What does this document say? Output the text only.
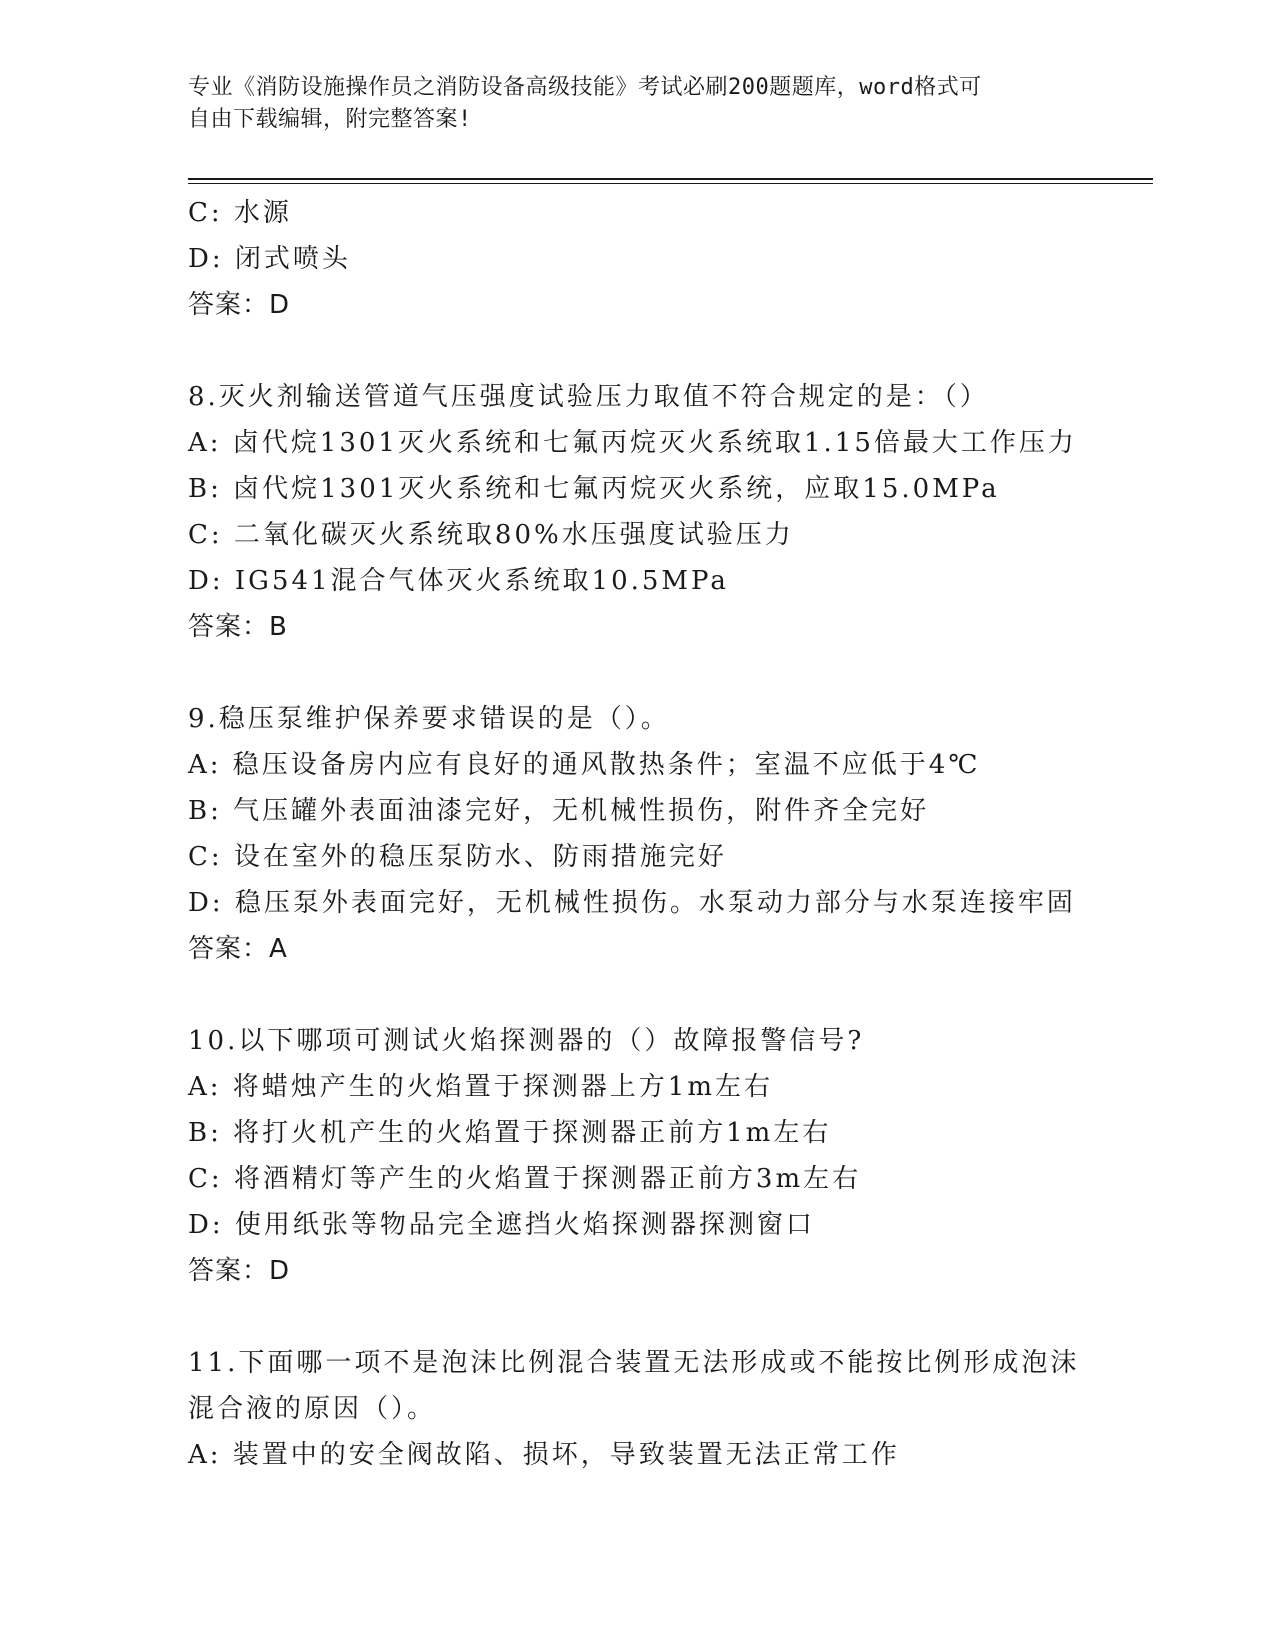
专业《消防设施操作员之消防设备高级技能》考试必刷200题题库，word格式可
自由下载编辑，附完整答案!
C: 水源
D: 闭式喷头
答案：D
8.灭火剂输送管道气压强度试验压力取值不符合规定的是：（）
A: 卤代烷1301灭火系统和七氟丙烷灭火系统取1.15倍最大工作压力
B: 卤代烷1301灭火系统和七氟丙烷灭火系统，应取15.0MPa
C: 二氧化碳灭火系统取80%水压强度试验压力
D: IG541混合气体灭火系统取10.5MPa
答案：B
9.稳压泵维护保养要求错误的是（）。
A: 稳压设备房内应有良好的通风散热条件；室温不应低于4℃
B: 气压罐外表面油漆完好，无机械性损伤，附件齐全完好
C: 设在室外的稳压泵防水、防雨措施完好
D: 稳压泵外表面完好，无机械性损伤。水泵动力部分与水泵连接牢固
答案：A
10.以下哪项可测试火焰探测器的（）故障报警信号?
A: 将蜡烛产生的火焰置于探测器上方1m左右
B: 将打火机产生的火焰置于探测器正前方1m左右
C: 将酒精灯等产生的火焰置于探测器正前方3m左右
D: 使用纸张等物品完全遮挡火焰探测器探测窗口
答案：D
11.下面哪一项不是泡沫比例混合装置无法形成或不能按比例形成泡沫
混合液的原因（）。
A: 装置中的安全阀故陷、损坏，导致装置无法正常工作
